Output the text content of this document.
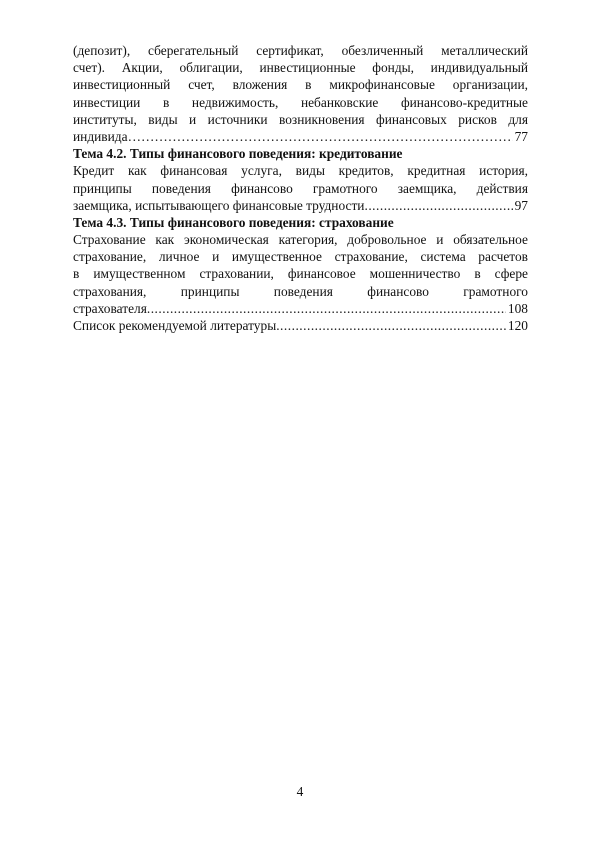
(депозит), сберегательный сертификат, обезличенный металлический
счет). Акции, облигации, инвестиционные фонды, индивидуальный
инвестиционный счет, вложения в микрофинансовые организации,
инвестиции в недвижимость, небанковские финансово-кредитные
институты, виды и источники возникновения финансовых рисков для
индивида ……………………………………………………………………………………………………………………	77
Тема 4.2. Типы финансового поведения: кредитование
Кредит как финансовая услуга, виды кредитов, кредитная история,
принципы поведения финансово грамотного заемщика, действия
заемщика, испытывающего финансовые трудности .....	97
Тема 4.3. Типы финансового поведения: страхование
Страхование как экономическая категория, добровольное и обязательное
страхование, личное и имущественное страхование, система расчетов
в имущественном страховании, финансовое мошенничество в сфере
страхования, принципы поведения финансово грамотного
страхователя .....	108
Список рекомендуемой литературы .....	120
4
